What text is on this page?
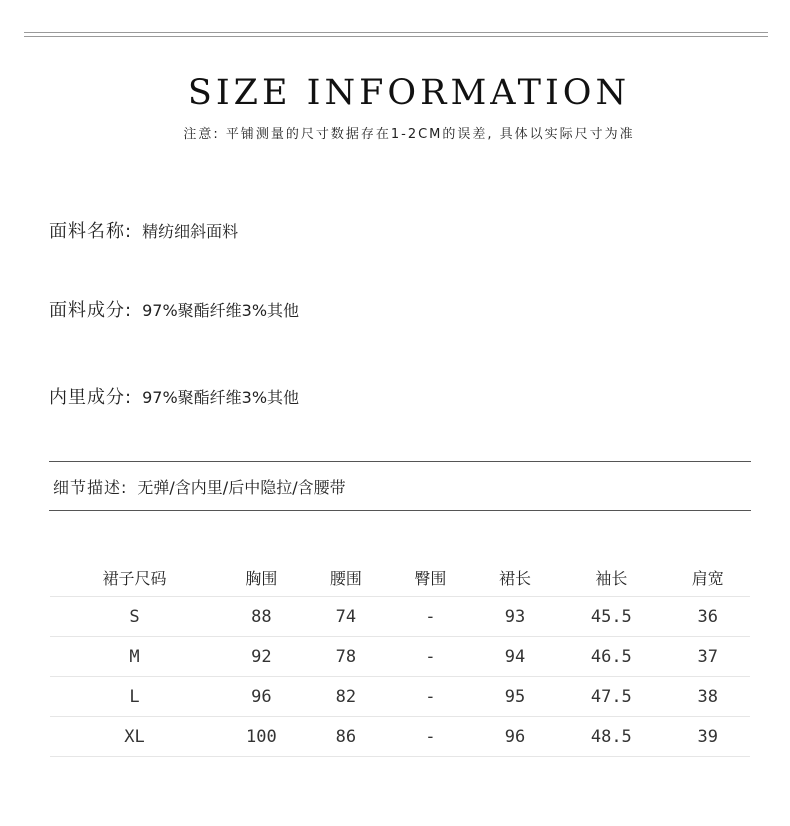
SIZE INFORMATION
注意: 平铺测量的尺寸数据存在1-2CM的误差, 具体以实际尺寸为准
面料名称: 精纺细斜面料
面料成分: 97%聚酯纤维3%其他
内里成分: 97%聚酯纤维3%其他
细节描述: 无弹/含内里/后中隐拉/含腰带
裙子尺码	胸围	腰围	臀围	裙长	袖长	肩宽
S	88	74	-	93	45.5	36
M	92	78	-	94	46.5	37
L	96	82	-	95	47.5	38
XL	100	86	-	96	48.5	39
